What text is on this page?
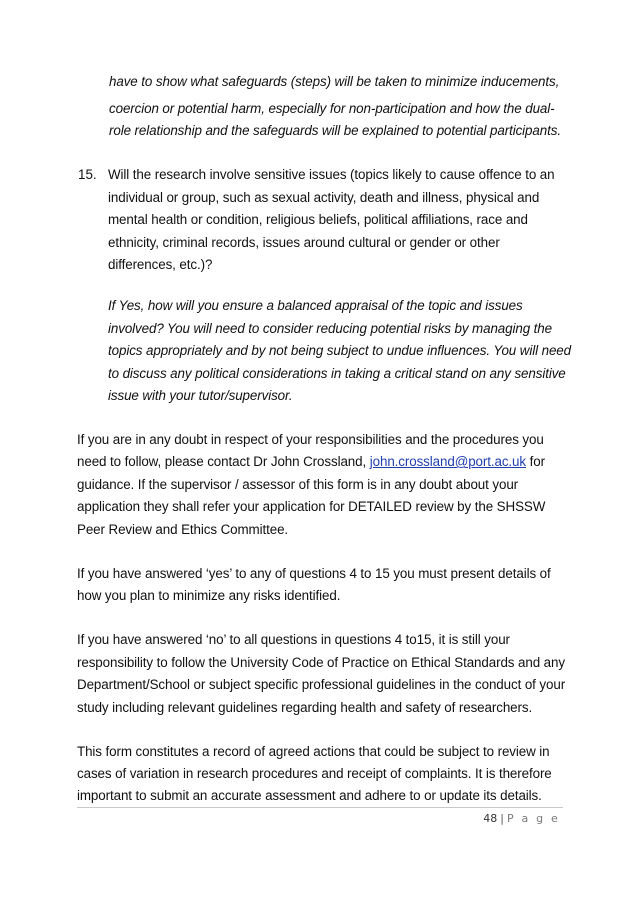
have to show what safeguards (steps) will be taken to minimize inducements,
coercion or potential harm, especially for non-participation and how the dual-
role relationship and the safeguards will be explained to potential participants.
15. Will the research involve sensitive issues (topics likely to cause offence to an
individual or group, such as sexual activity, death and illness, physical and
mental health or condition, religious beliefs, political affiliations, race and
ethnicity, criminal records, issues around cultural or gender or other
differences, etc.)?
If Yes, how will you ensure a balanced appraisal of the topic and issues
involved? You will need to consider reducing potential risks by managing the
topics appropriately and by not being subject to undue influences. You will need
to discuss any political considerations in taking a critical stand on any sensitive
issue with your tutor/supervisor.
If you are in any doubt in respect of your responsibilities and the procedures you
need to follow, please contact Dr John Crossland, john.crossland@port.ac.uk for
guidance. If the supervisor / assessor of this form is in any doubt about your
application they shall refer your application for DETAILED review by the SHSSW
Peer Review and Ethics Committee.
If you have answered ‘yes’ to any of questions 4 to 15 you must present details of
how you plan to minimize any risks identified.
If you have answered ‘no’ to all questions in questions 4 to15, it is still your
responsibility to follow the University Code of Practice on Ethical Standards and any
Department/School or subject specific professional guidelines in the conduct of your
study including relevant guidelines regarding health and safety of researchers.
This form constitutes a record of agreed actions that could be subject to review in
cases of variation in research procedures and receipt of complaints. It is therefore
important to submit an accurate assessment and adhere to or update its details.
48 | P a g e
